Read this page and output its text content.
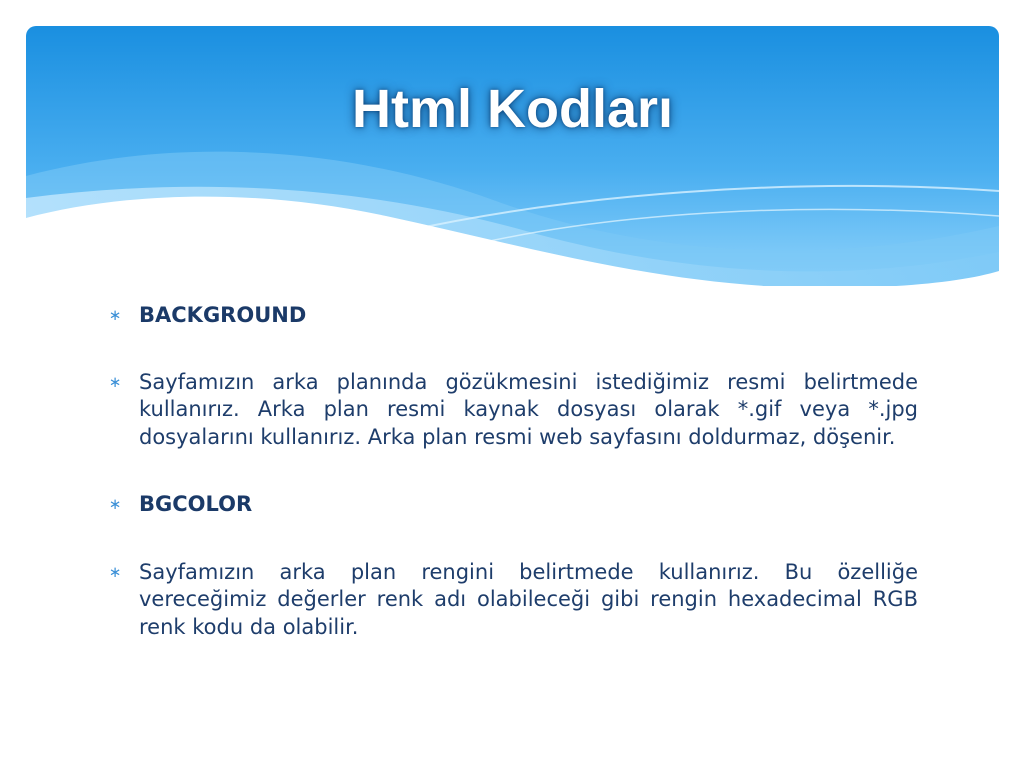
Html Kodları

∗ BACKGROUND

∗ Sayfamızın arka planında gözükmesini istediğimiz resmi belirtmede kullanırız. Arka plan resmi kaynak dosyası olarak *.gif veya *.jpg dosyalarını kullanırız. Arka plan resmi web sayfasını doldurmaz, döşenir.

∗ BGCOLOR

∗ Sayfamızın arka plan rengini belirtmede kullanırız. Bu özelliğe vereceğimiz değerler renk adı olabileceği gibi rengin hexadecimal RGB renk kodu da olabilir.
